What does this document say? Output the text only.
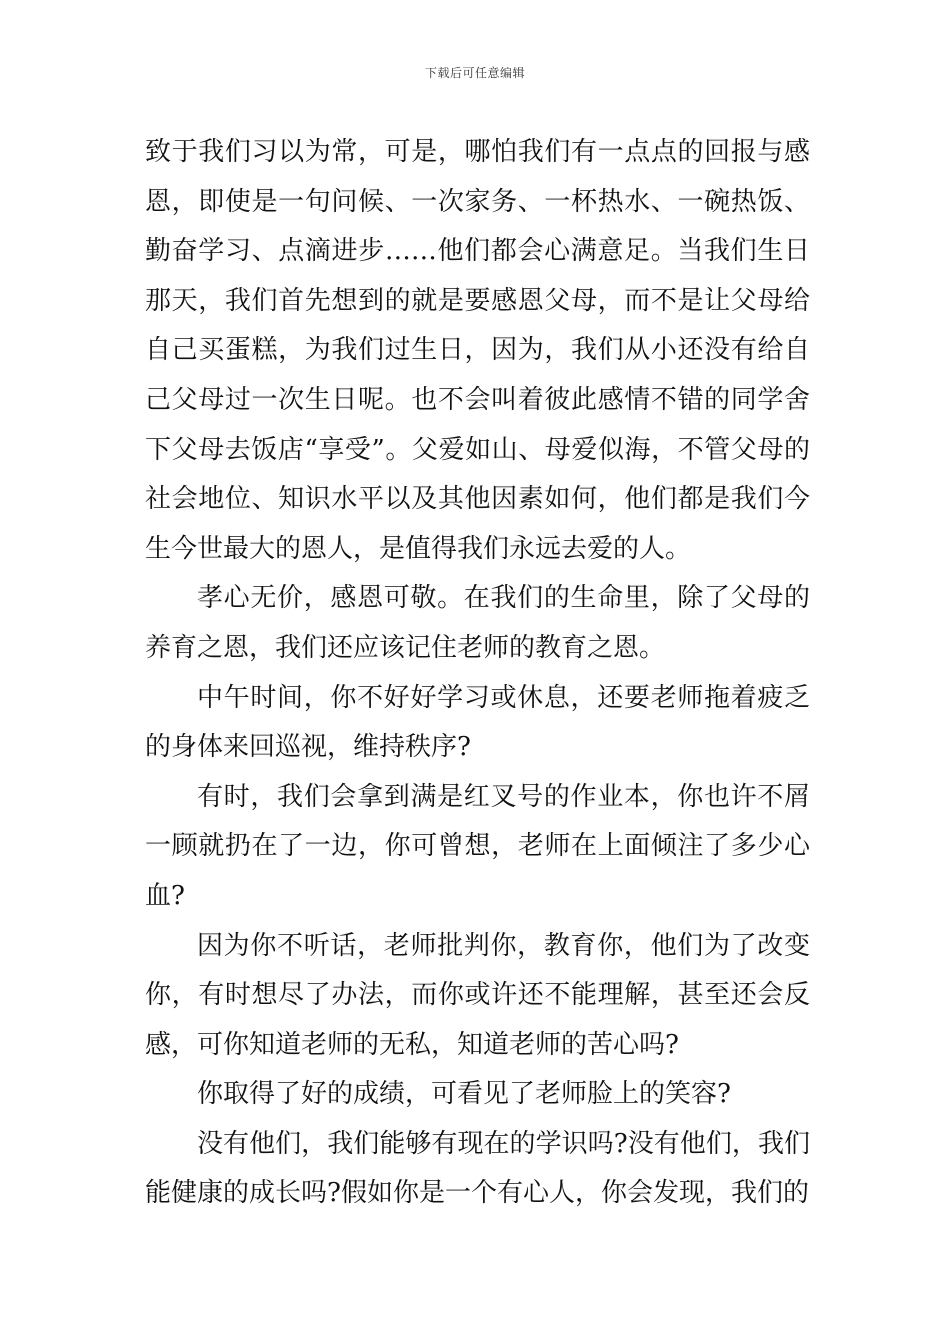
下载后可任意编辑

致于我们习以为常，可是，哪怕我们有一点点的回报与感恩，即使是一句问候、一次家务、一杯热水、一碗热饭、勤奋学习、点滴进步……他们都会心满意足。当我们生日那天，我们首先想到的就是要感恩父母，而不是让父母给自己买蛋糕，为我们过生日，因为，我们从小还没有给自己父母过一次生日呢。也不会叫着彼此感情不错的同学舍下父母去饭店“享受”。父爱如山、母爱似海，不管父母的社会地位、知识水平以及其他因素如何，他们都是我们今生今世最大的恩人，是值得我们永远去爱的人。

孝心无价，感恩可敬。在我们的生命里，除了父母的养育之恩，我们还应该记住老师的教育之恩。

中午时间，你不好好学习或休息，还要老师拖着疲乏的身体来回巡视，维持秩序?

有时，我们会拿到满是红叉号的作业本，你也许不屑一顾就扔在了一边，你可曾想，老师在上面倾注了多少心血?

因为你不听话，老师批判你，教育你，他们为了改变你，有时想尽了办法，而你或许还不能理解，甚至还会反感，可你知道老师的无私，知道老师的苦心吗?

你取得了好的成绩，可看见了老师脸上的笑容?

没有他们，我们能够有现在的学识吗?没有他们，我们能健康的成长吗?假如你是一个有心人，你会发现，我们的
